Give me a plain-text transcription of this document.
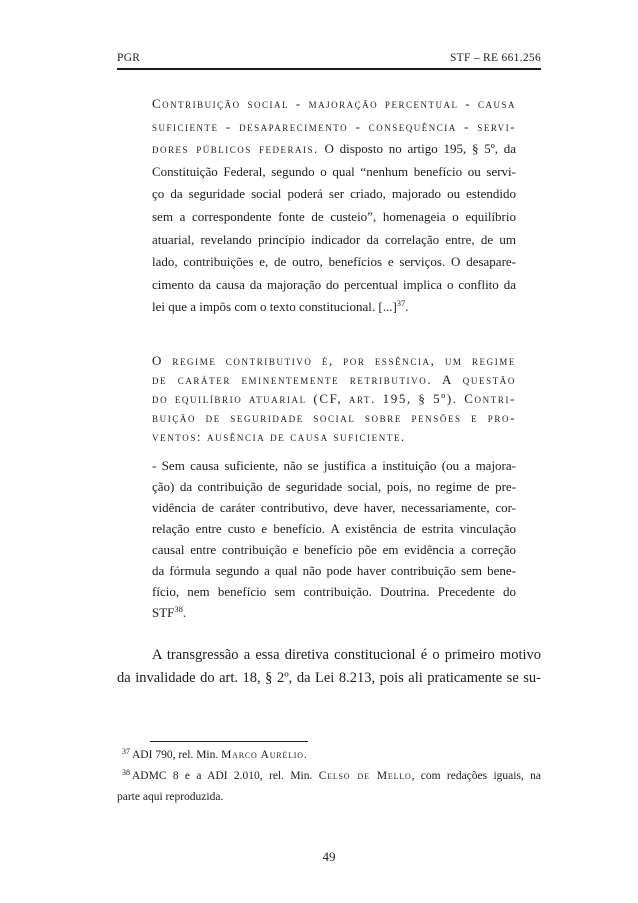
PGR	STF – RE 661.256
Contribuição social - majoração percentual - causa
suficiente - desaparecimento - consequência - servi-
dores públicos federais. O disposto no artigo 195, § 5º, da
Constituição Federal, segundo o qual “nenhum benefício ou servi-
ço da seguridade social poderá ser criado, majorado ou estendido
sem a correspondente fonte de custeio”, homenageia o equilíbrio
atuarial, revelando princípio indicador da correlação entre, de um
lado, contribuições e, de outro, benefícios e serviços. O desapare-
cimento da causa da majoração do percentual implica o conflito da
lei que a impôs com o texto constitucional. [...]$^{37}$.
O regime contributivo é, por essência, um regime
de caráter eminentemente retributivo. A questão
do equilíbrio atuarial (CF, art. 195, § 5º). Contri-
buição de seguridade social sobre pensões e pro-
ventos: ausência de causa suficiente.
- Sem causa suficiente, não se justifica a instituição (ou a majora-
ção) da contribuição de seguridade social, pois, no regime de pre-
vidência de caráter contributivo, deve haver, necessariamente, cor-
relação entre custo e benefício. A existência de estrita vinculação
causal entre contribuição e benefício põe em evidência a correção
da fórmula segundo a qual não pode haver contribuição sem bene-
fício, nem benefício sem contribuição. Doutrina. Precedente do
STF$^{38}$.
A transgressão a essa diretiva constitucional é o primeiro motivo
da invalidade do art. 18, § 2º, da Lei 8.213, pois ali praticamente se su-
$^{37}$ ADI 790, rel. Min. Marco Aurélio.
$^{38}$ ADMC 8 e a ADI 2.010, rel. Min. Celso de Mello, com redações iguais, na
parte aqui reproduzida.
49
